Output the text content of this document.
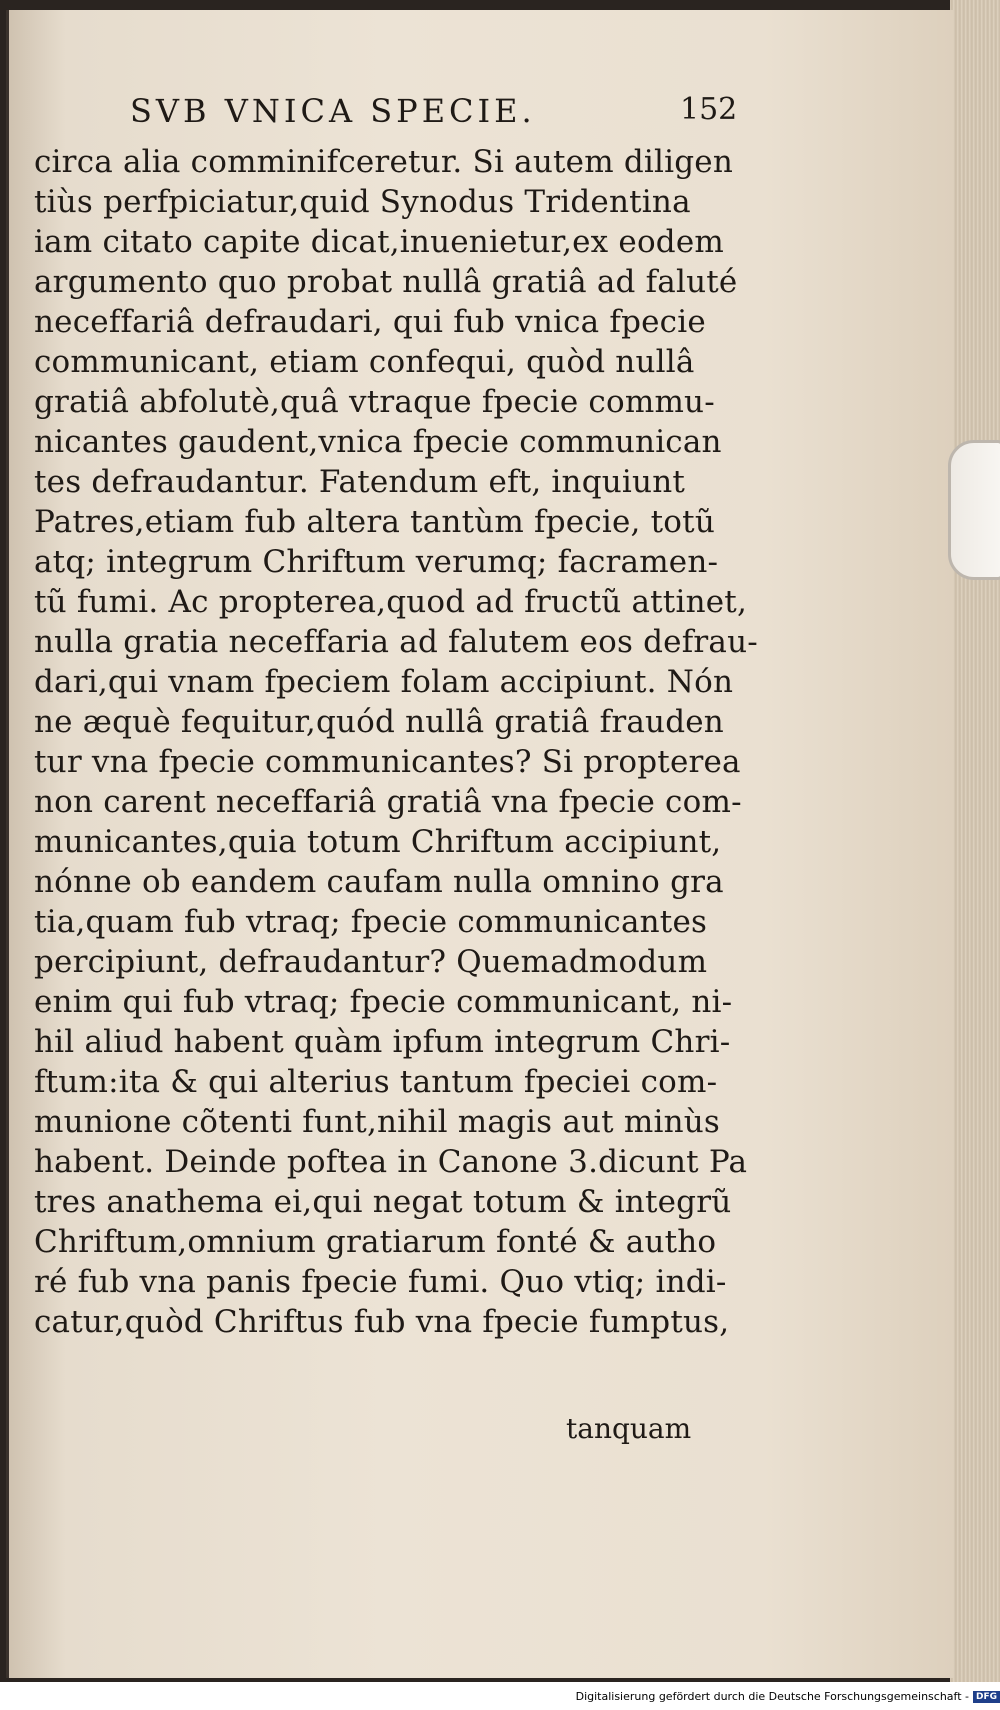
SVB VNICA SPECIE.	152
circa alia comminifceretur. Si autem diligen
tiùs perfpiciatur,quid Synodus Tridentina
iam citato capite dicat,inuenietur,ex eodem
argumento quo probat nullâ gratiâ ad faluté
neceffariâ defraudari, qui fub vnica fpecie
communicant, etiam confequi, quòd nullâ
gratiâ abfolutè,quâ vtraque fpecie commu-
nicantes gaudent,vnica fpecie communican
tes defraudantur. Fatendum eft, inquiunt
Patres,etiam fub altera tantùm fpecie, totũ
atq; integrum Chriftum verumq; facramen-
tũ fumi. Ac propterea,quod ad fructũ attinet,
nulla gratia neceffaria ad falutem eos defrau-
dari,qui vnam fpeciem folam accipiunt. Nón
ne æquè fequitur,quód nullâ gratiâ frauden
tur vna fpecie communicantes? Si propterea
non carent neceffariâ gratiâ vna fpecie com-
municantes,quia totum Chriftum accipiunt,
nónne ob eandem caufam nulla omnino gra
tia,quam fub vtraq; fpecie communicantes
percipiunt, defraudantur? Quemadmodum
enim qui fub vtraq; fpecie communicant, ni-
hil aliud habent quàm ipfum integrum Chri-
ftum:ita & qui alterius tantum fpeciei com-
munione cõtenti funt,nihil magis aut minùs
habent. Deinde poftea in Canone 3.dicunt Pa
tres anathema ei,qui negat totum & integrũ
Chriftum,omnium gratiarum fonté & autho
ré fub vna panis fpecie fumi. Quo vtiq; indi-
catur,quòd Chriftus fub vna fpecie fumptus,
tanquam
Digitalisierung gefördert durch die Deutsche Forschungsgemeinschaft - DFG
